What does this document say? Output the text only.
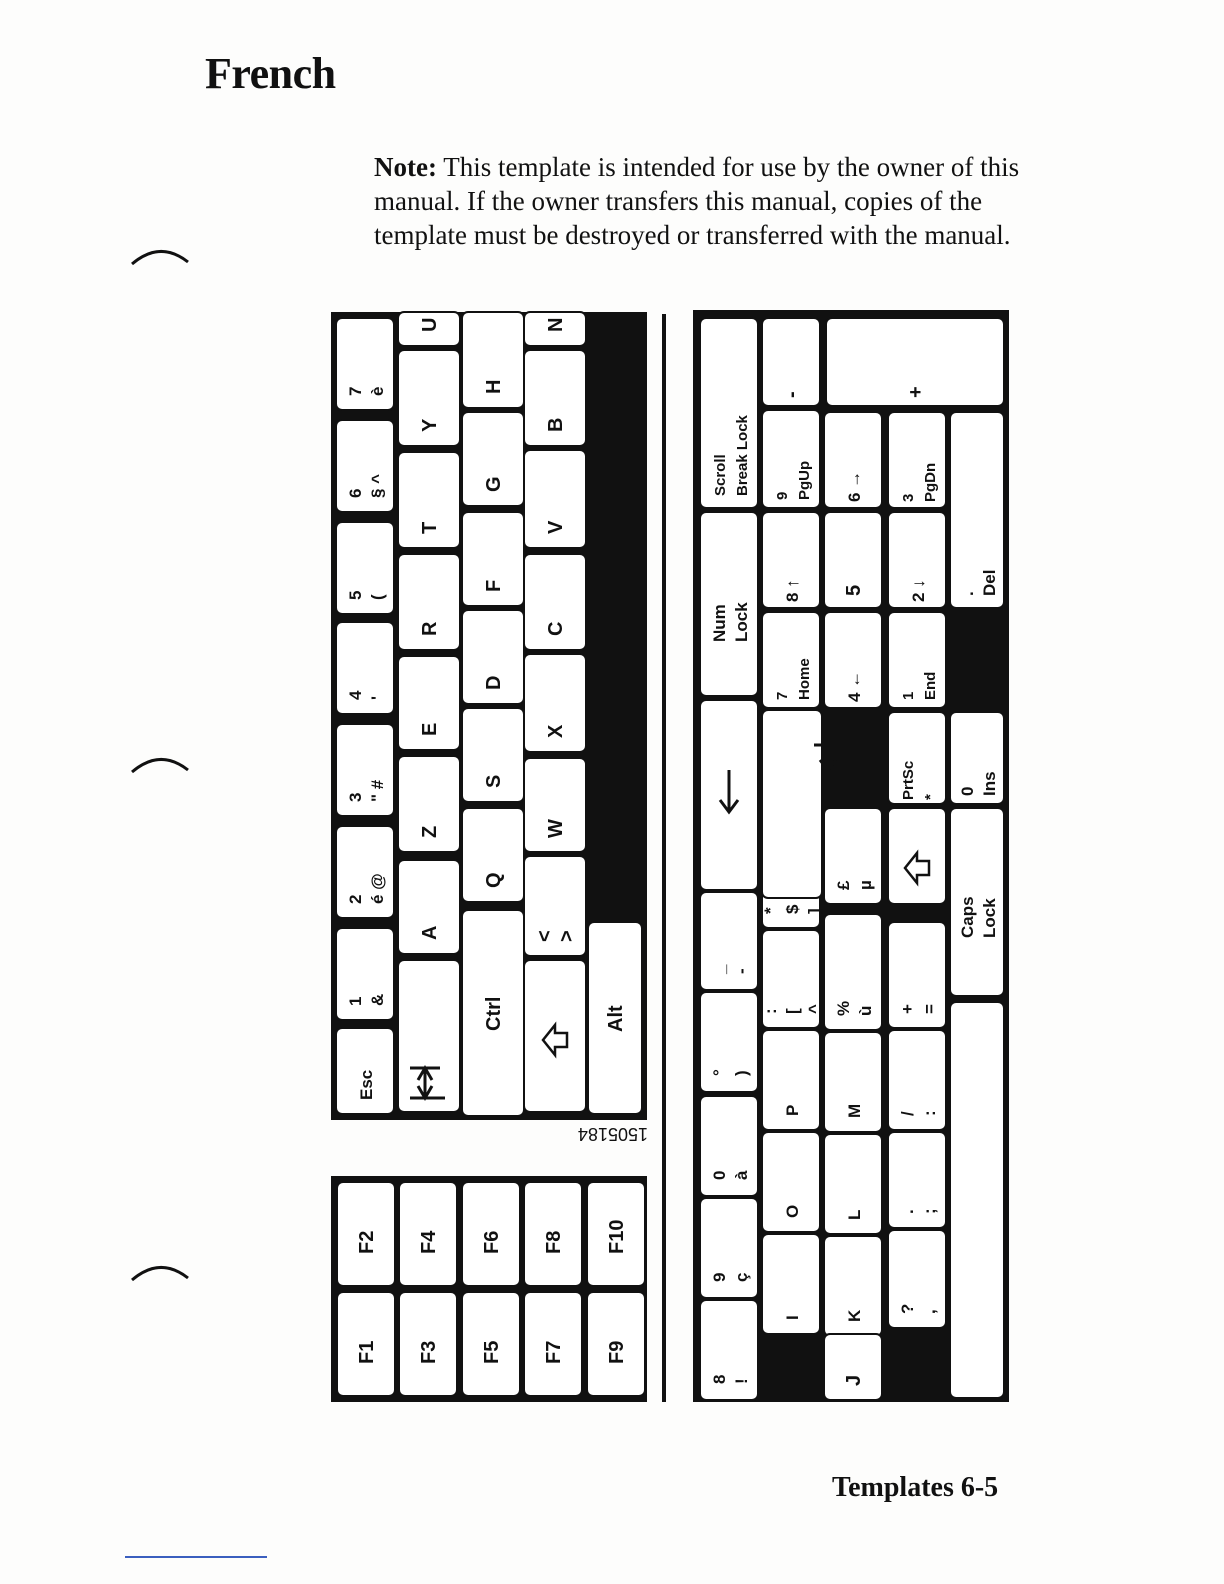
French
Note: This template is intended for use by the owner of this manual. If the owner transfers this manual, copies of the template must be destroyed or transferred with the manual.
Esc
1 &
2 é @
3 " #
4 '
5 (
6 § ^
7 è
A
Z
E
R
T
Y
U
Ctrl
Q
S
D
F
G
H
<>
W
X
C
V
B
N
Alt
1505184
F1
F2
F3
F4
F5
F6
F7
F8
F9
F10
8 !
9 ç
0 à
° )
_ -
I
O
P
: [ ^
* $ ]
K
L
M
% ù
£ µ
? ,
. ;
/ :
+ =
Caps Lock
J
Scroll Break Lock
Num Lock
7 Home 4 ← 1 End
0 Ins
-
9 PgUp
8 ↑
6 →
5	2 ↓
3 PgDn
. Del
+
PrtSc *
Templates 6-5
